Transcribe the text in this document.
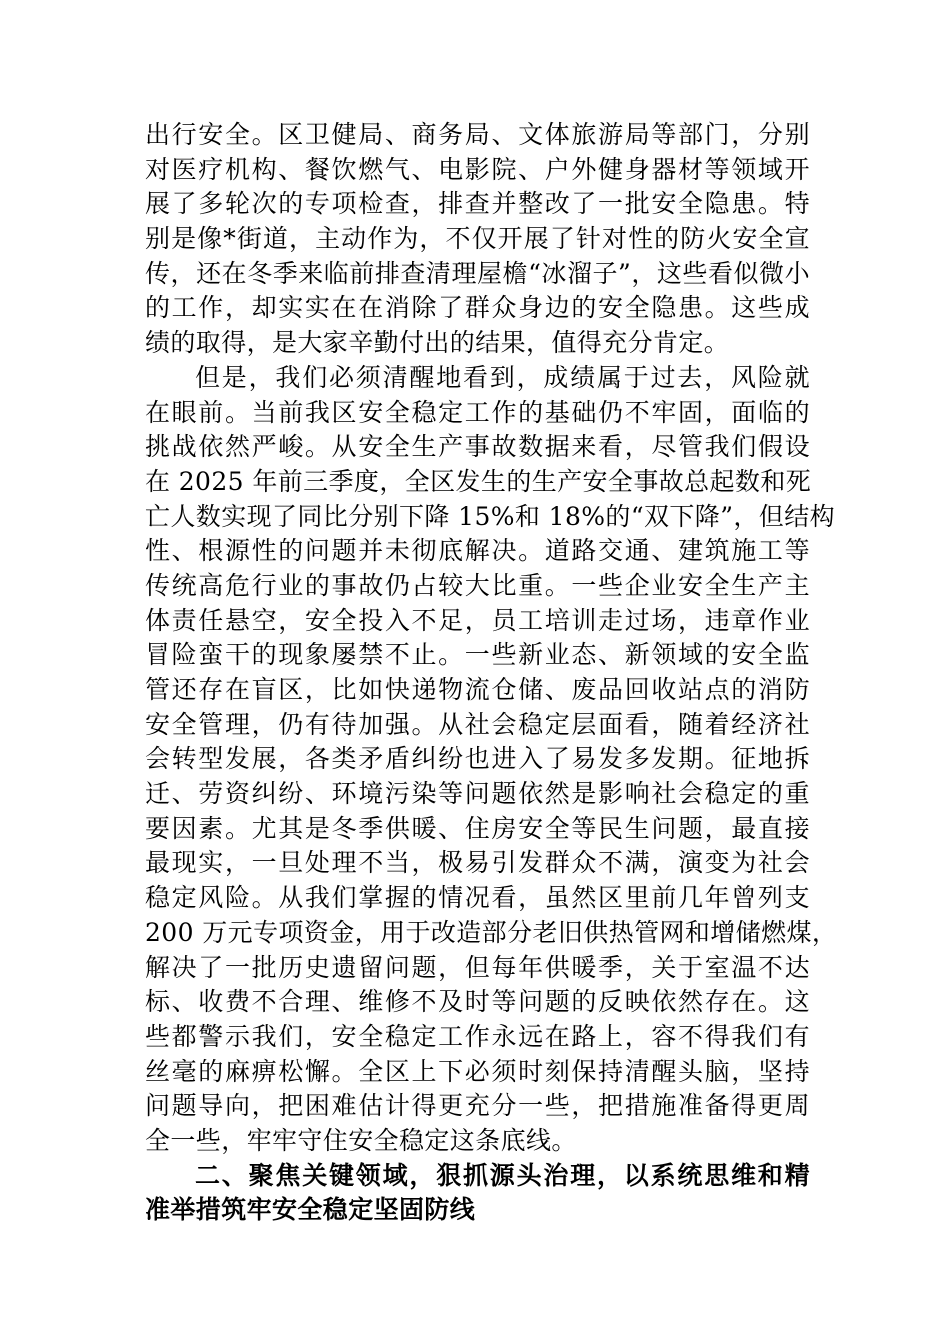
出行安全。区卫健局、商务局、文体旅游局等部门，分别
对医疗机构、餐饮燃气、电影院、户外健身器材等领域开
展了多轮次的专项检查，排查并整改了一批安全隐患。特
别是像*街道，主动作为，不仅开展了针对性的防火安全宣
传，还在冬季来临前排查清理屋檐“冰溜子”，这些看似微小
的工作，却实实在在消除了群众身边的安全隐患。这些成
绩的取得，是大家辛勤付出的结果，值得充分肯定。
但是，我们必须清醒地看到，成绩属于过去，风险就
在眼前。当前我区安全稳定工作的基础仍不牢固，面临的
挑战依然严峻。从安全生产事故数据来看，尽管我们假设
在 2025 年前三季度，全区发生的生产安全事故总起数和死
亡人数实现了同比分别下降 15%和 18%的“双下降”，但结构
性、根源性的问题并未彻底解决。道路交通、建筑施工等
传统高危行业的事故仍占较大比重。一些企业安全生产主
体责任悬空，安全投入不足，员工培训走过场，违章作业
冒险蛮干的现象屡禁不止。一些新业态、新领域的安全监
管还存在盲区，比如快递物流仓储、废品回收站点的消防
安全管理，仍有待加强。从社会稳定层面看，随着经济社
会转型发展，各类矛盾纠纷也进入了易发多发期。征地拆
迁、劳资纠纷、环境污染等问题依然是影响社会稳定的重
要因素。尤其是冬季供暖、住房安全等民生问题，最直接
最现实，一旦处理不当，极易引发群众不满，演变为社会
稳定风险。从我们掌握的情况看，虽然区里前几年曾列支
200 万元专项资金，用于改造部分老旧供热管网和增储燃煤，
解决了一批历史遗留问题，但每年供暖季，关于室温不达
标、收费不合理、维修不及时等问题的反映依然存在。这
些都警示我们，安全稳定工作永远在路上，容不得我们有
丝毫的麻痹松懈。全区上下必须时刻保持清醒头脑，坚持
问题导向，把困难估计得更充分一些，把措施准备得更周
全一些，牢牢守住安全稳定这条底线。
二、聚焦关键领域，狠抓源头治理，以系统思维和精
准举措筑牢安全稳定坚固防线
